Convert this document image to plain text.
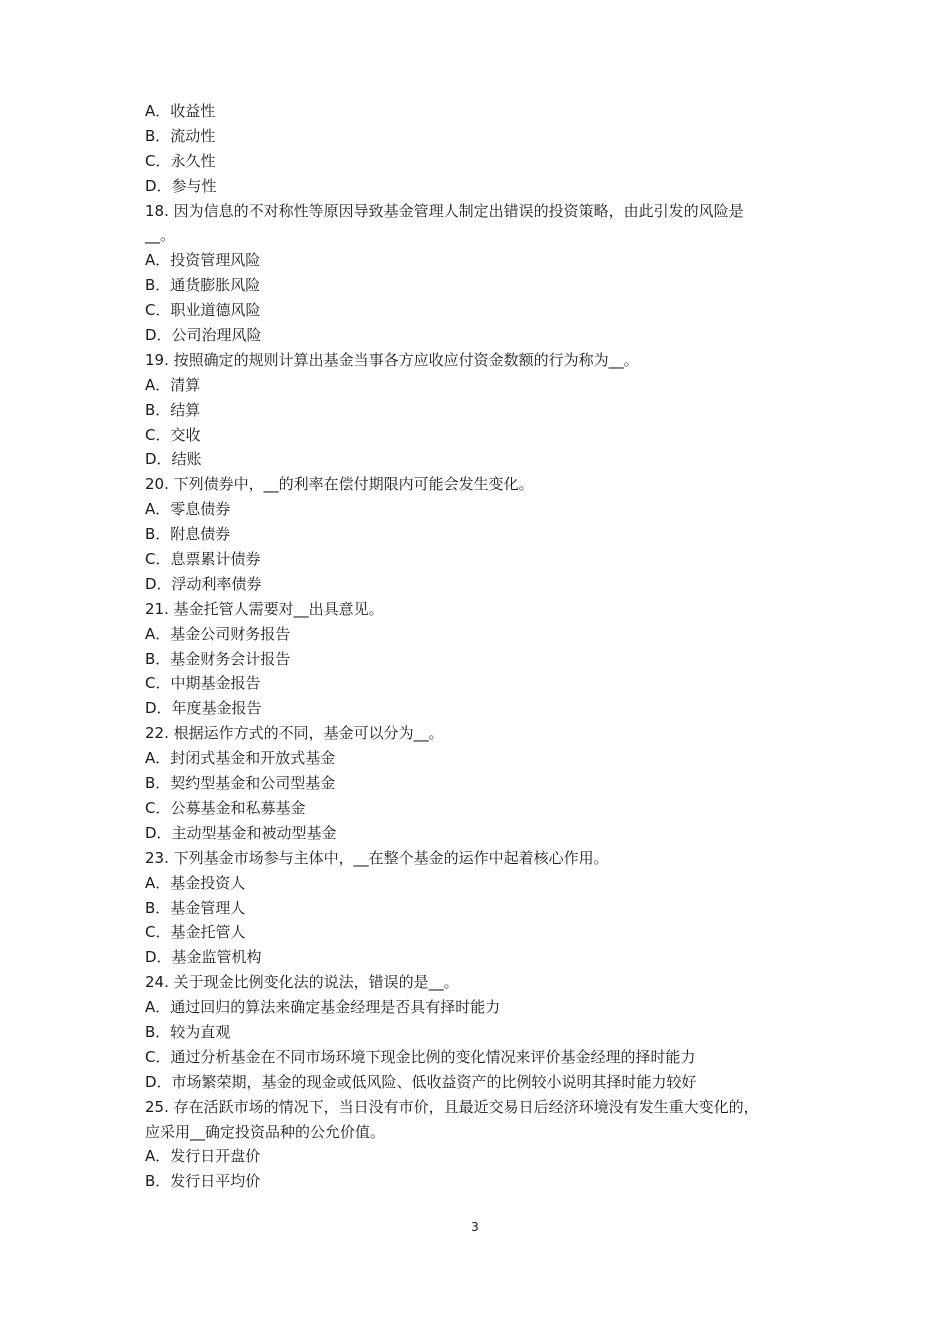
A．收益性
B．流动性
C．永久性
D．参与性
18. 因为信息的不对称性等原因导致基金管理人制定出错误的投资策略，由此引发的风险是
__。
A．投资管理风险
B．通货膨胀风险
C．职业道德风险
D．公司治理风险
19. 按照确定的规则计算出基金当事各方应收应付资金数额的行为称为__。
A．清算
B．结算
C．交收
D．结账
20. 下列债券中，__的利率在偿付期限内可能会发生变化。
A．零息债券
B．附息债券
C．息票累计债券
D．浮动利率债券
21. 基金托管人需要对__出具意见。
A．基金公司财务报告
B．基金财务会计报告
C．中期基金报告
D．年度基金报告
22. 根据运作方式的不同，基金可以分为__。
A．封闭式基金和开放式基金
B．契约型基金和公司型基金
C．公募基金和私募基金
D．主动型基金和被动型基金
23. 下列基金市场参与主体中，__在整个基金的运作中起着核心作用。
A．基金投资人
B．基金管理人
C．基金托管人
D．基金监管机构
24. 关于现金比例变化法的说法，错误的是__。
A．通过回归的算法来确定基金经理是否具有择时能力
B．较为直观
C．通过分析基金在不同市场环境下现金比例的变化情况来评价基金经理的择时能力
D．市场繁荣期，基金的现金或低风险、低收益资产的比例较小说明其择时能力较好
25. 存在活跃市场的情况下，当日没有市价，且最近交易日后经济环境没有发生重大变化的，
应采用__确定投资品种的公允价值。
A．发行日开盘价
B．发行日平均价
3
